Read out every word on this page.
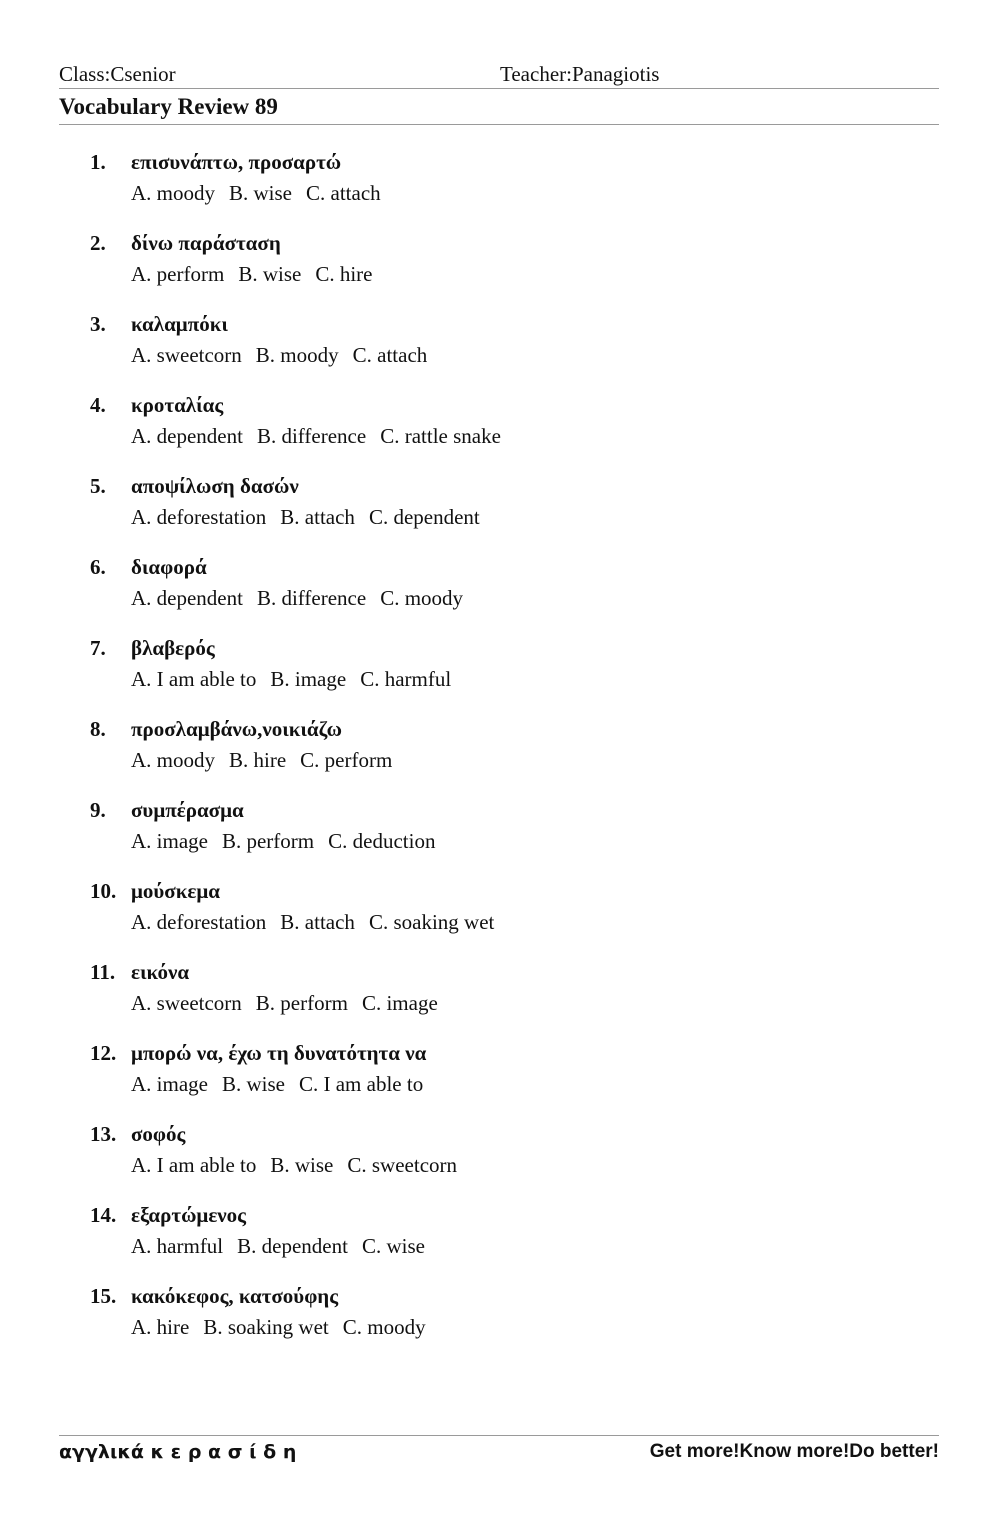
Class:Csenior	Teacher:Panagiotis
Vocabulary Review 89
1. επισυνάπτω, προσαρτώ
A. moody B. wise C. attach
2. δίνω παράσταση
A. perform B. wise C. hire
3. καλαμπόκι
A. sweetcorn B. moody C. attach
4. κροταλίας
A. dependent B. difference C. rattle snake
5. αποψίλωση δασών
A. deforestation B. attach C. dependent
6. διαφορά
A. dependent B. difference C. moody
7. βλαβερός
A. I am able to B. image C. harmful
8. προσλαμβάνω,νοικιάζω
A. moody B. hire C. perform
9. συμπέρασμα
A. image B. perform C. deduction
10. μούσκεμα
A. deforestation B. attach C. soaking wet
11. εικόνα
A. sweetcorn B. perform C. image
12. μπορώ να, έχω τη δυνατότητα να
A. image B. wise C. I am able to
13. σοφός
A. I am able to B. wise C. sweetcorn
14. εξαρτώμενος
A. harmful B. dependent C. wise
15. κακόκεφος, κατσούφης
A. hire B. soaking wet C. moody
αγγλικά κ ε ρ α σ ί δ η	Get more!Know more!Do better!
